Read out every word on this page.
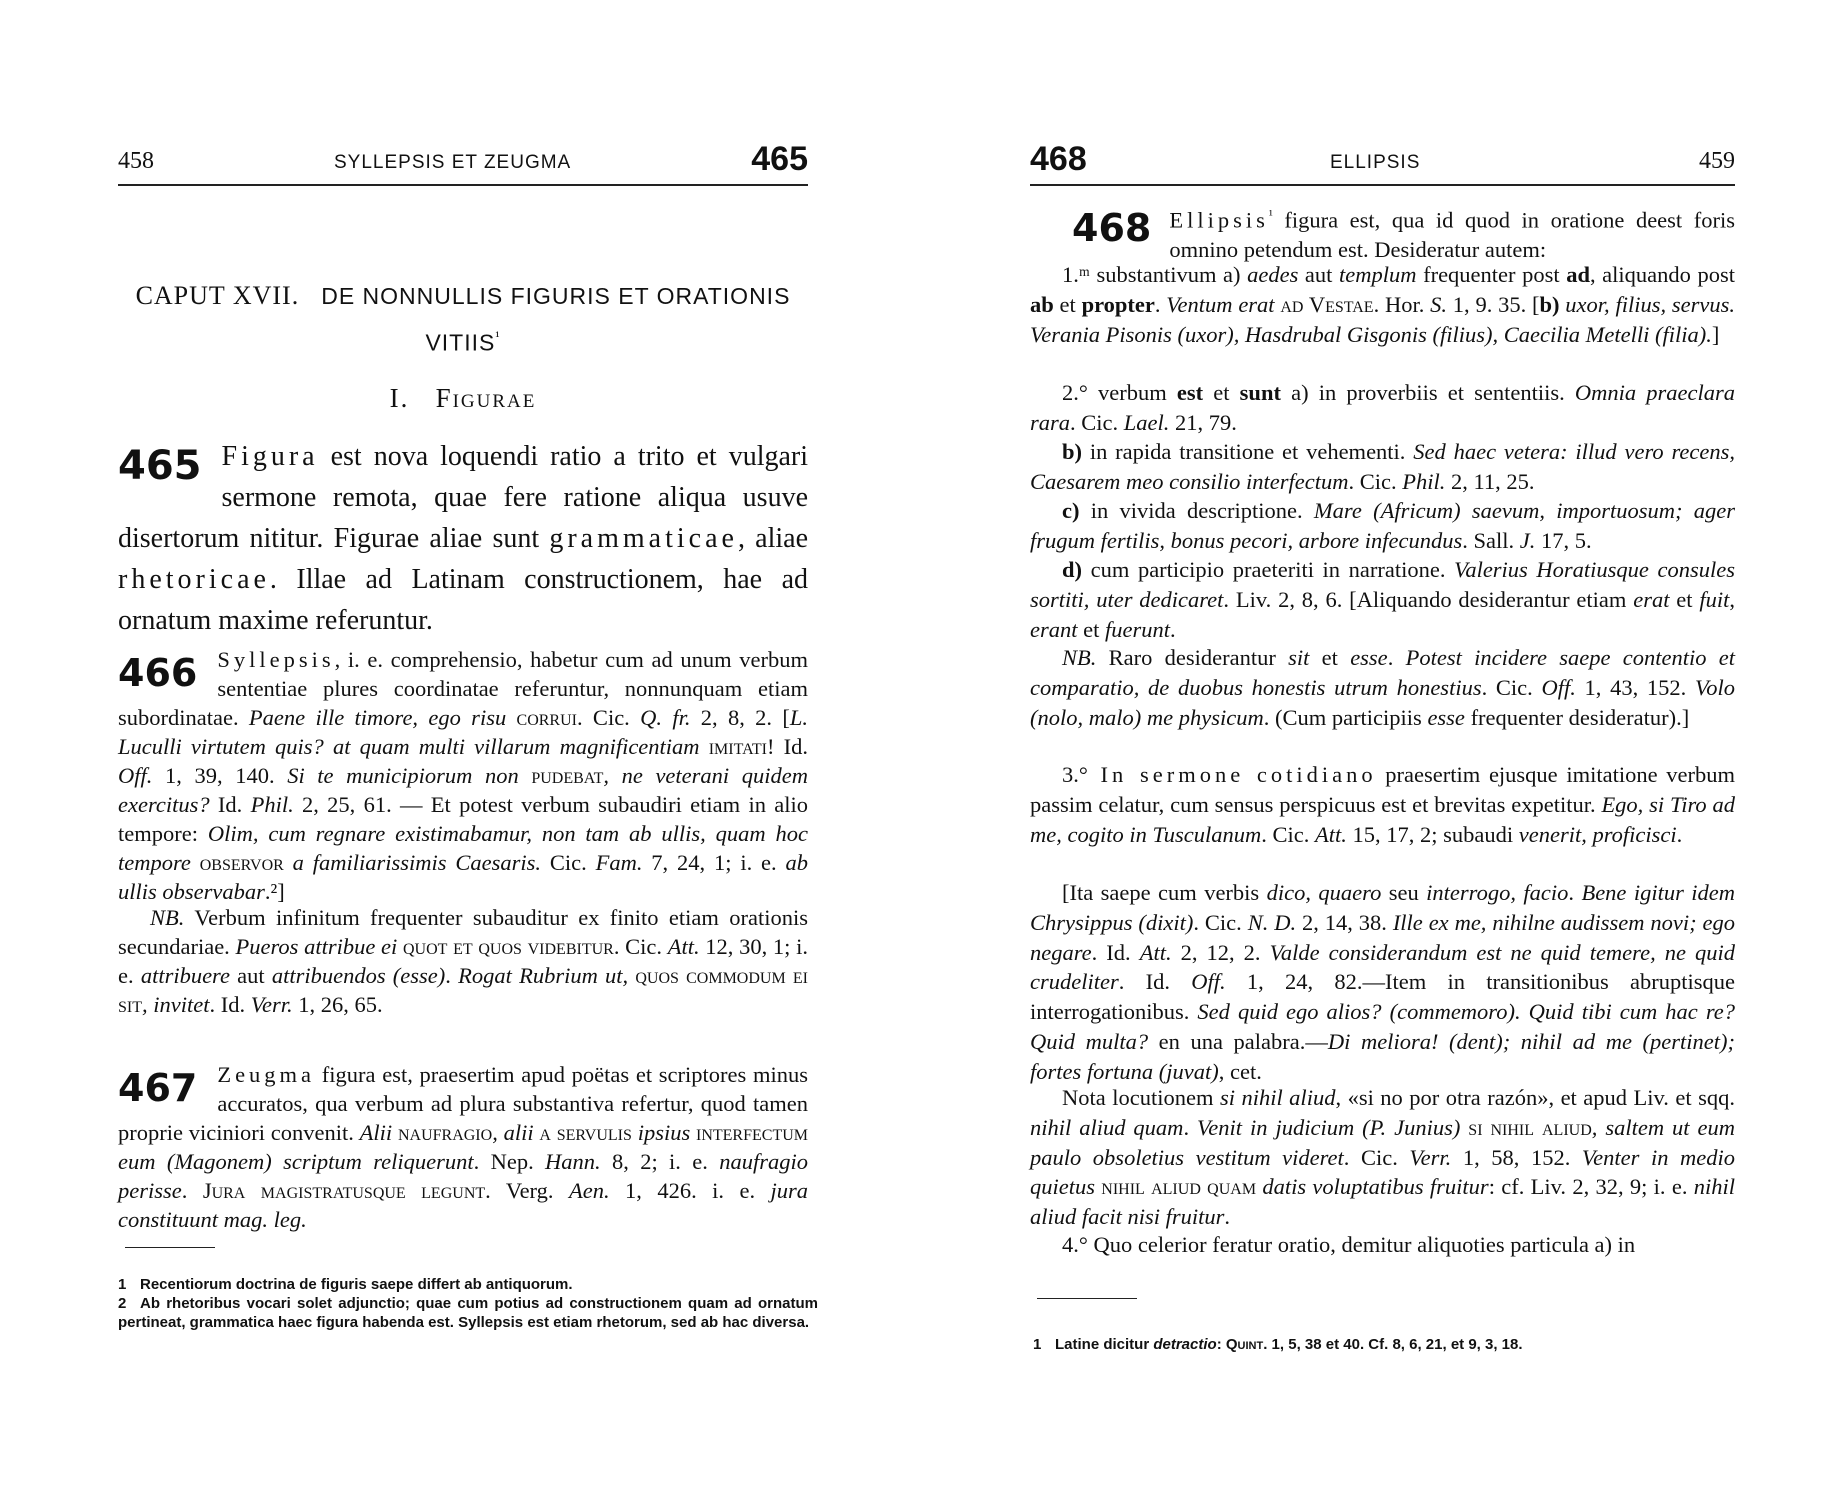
458	SYLLEPSIS ET ZEUGMA	465
CAPUT XVII. DE NONNULLIS FIGURIS ET ORATIONIS $VITIIS^{^1}$
I. Figurae
465 Figura est nova loquendi ratio a trito et vulgari sermone remota, quae fere ratione aliqua usuve disertorum nititur. Figurae aliae sunt grammaticae, aliae rhetoricae. Illae ad Latinam constructionem, hae ad ornatum maxime referuntur.
466 Syllepsis, i. e. comprehensio, habetur cum ad unum verbum sententiae plures coordinatae referuntur, nonnunquam etiam subordinatae. Paene ille timore, ego risu corrui. Cic. Q. fr. 2, 8, 2. [L. Luculli virtutem quis? at quam multi villarum magnificentiam imitati! Id. Off. 1, 39, 140. Si te municipiorum non pudebat, ne veterani quidem exercitus? Id. Phil. 2, 25, 61. — Et potest verbum subaudiri etiam in alio tempore: Olim, cum regnare existimabamur, non tam ab ullis, quam hoc tempore observor a familiarissimis Caesaris. Cic. Fam. 7, 24, 1; i. e. ab ullis observabar.²]
NB. Verbum infinitum frequenter subauditur ex finito etiam orationis secundariae. Pueros attribue ei quot et quos videbitur. Cic. Att. 12, 30, 1; i. e. attribuere aut attribuendos (esse). Rogat Rubrium ut, quos commodum ei sit, invitet. Id. Verr. 1, 26, 65.
467 Zeugma figura est, praesertim apud poëtas et scriptores minus accuratos, qua verbum ad plura substantiva refertur, quod tamen proprie viciniori convenit. Alii naufragio, alii a servulis ipsius interfectum eum (Magonem) scriptum reliquerunt. Nep. Hann. 8, 2; i. e. naufragio perisse. Jura magistratusque legunt. Verg. Aen. 1, 426. i. e. jura constituunt mag. leg.
1 Recentiorum doctrina de figuris saepe differt ab antiquorum.
2 Ab rhetoribus vocari solet adjunctio; quae cum potius ad constructionem quam ad ornatum pertineat, grammatica haec figura habenda est. Syllepsis est etiam rhetorum, sed ab hac diversa.
468	ELLIPSIS	459
468 Ellipsis$^{^1}$ figura est, qua id quod in oratione deest foris omnino petendum est. Desideratur autem:
1.ᵐ substantivum a) aedes aut templum frequenter post ad, aliquando post ab et propter. Ventum erat ad Vestae. Hor. S. 1, 9. 35. [b) uxor, filius, servus. Verania Pisonis (uxor), Hasdrubal Gisgonis (filius), Caecilia Metelli (filia).]
2.° verbum est et sunt a) in proverbiis et sententiis. Omnia praeclara rara. Cic. Lael. 21, 79.
b) in rapida transitione et vehementi. Sed haec vetera: illud vero recens, Caesarem meo consilio interfectum. Cic. Phil. 2, 11, 25.
c) in vivida descriptione. Mare (Africum) saevum, importuosum; ager frugum fertilis, bonus pecori, arbore infecundus. Sall. J. 17, 5.
d) cum participio praeteriti in narratione. Valerius Horatiusque consules sortiti, uter dedicaret. Liv. 2, 8, 6. [Aliquando desiderantur etiam erat et fuit, erant et fuerunt.
NB. Raro desiderantur sit et esse. Potest incidere saepe contentio et comparatio, de duobus honestis utrum honestius. Cic. Off. 1, 43, 152. Volo (nolo, malo) me physicum. (Cum participiis esse frequenter desideratur).]
3.° In sermone cotidiano praesertim ejusque imitatione verbum passim celatur, cum sensus perspicuus est et brevitas expetitur. Ego, si Tiro ad me, cogito in Tusculanum. Cic. Att. 15, 17, 2; subaudi venerit, proficisci.
[Ita saepe cum verbis dico, quaero seu interrogo, facio. Bene igitur idem Chrysippus (dixit). Cic. N. D. 2, 14, 38. Ille ex me, nihilne audissem novi; ego negare. Id. Att. 2, 12, 2. Valde considerandum est ne quid temere, ne quid crudeliter. Id. Off. 1, 24, 82.—Item in transitionibus abruptisque interrogationibus. Sed quid ego alios? (commemoro). Quid tibi cum hac re? Quid multa? en una palabra.—Di meliora! (dent); nihil ad me (pertinet); fortes fortuna (juvat), cet.
Nota locutionem si nihil aliud, «si no por otra razón», et apud Liv. et sqq. nihil aliud quam. Venit in judicium (P. Junius) si nihil aliud, saltem ut eum paulo obsoletius vestitum videret. Cic. Verr. 1, 58, 152. Venter in medio quietus nihil aliud quam datis voluptatibus fruitur: cf. Liv. 2, 32, 9; i. e. nihil aliud facit nisi fruitur.
4.° Quo celerior feratur oratio, demitur aliquoties particula a) in
1 Latine dicitur detractio: Quint. 1, 5, 38 et 40. Cf. 8, 6, 21, et 9, 3, 18.
